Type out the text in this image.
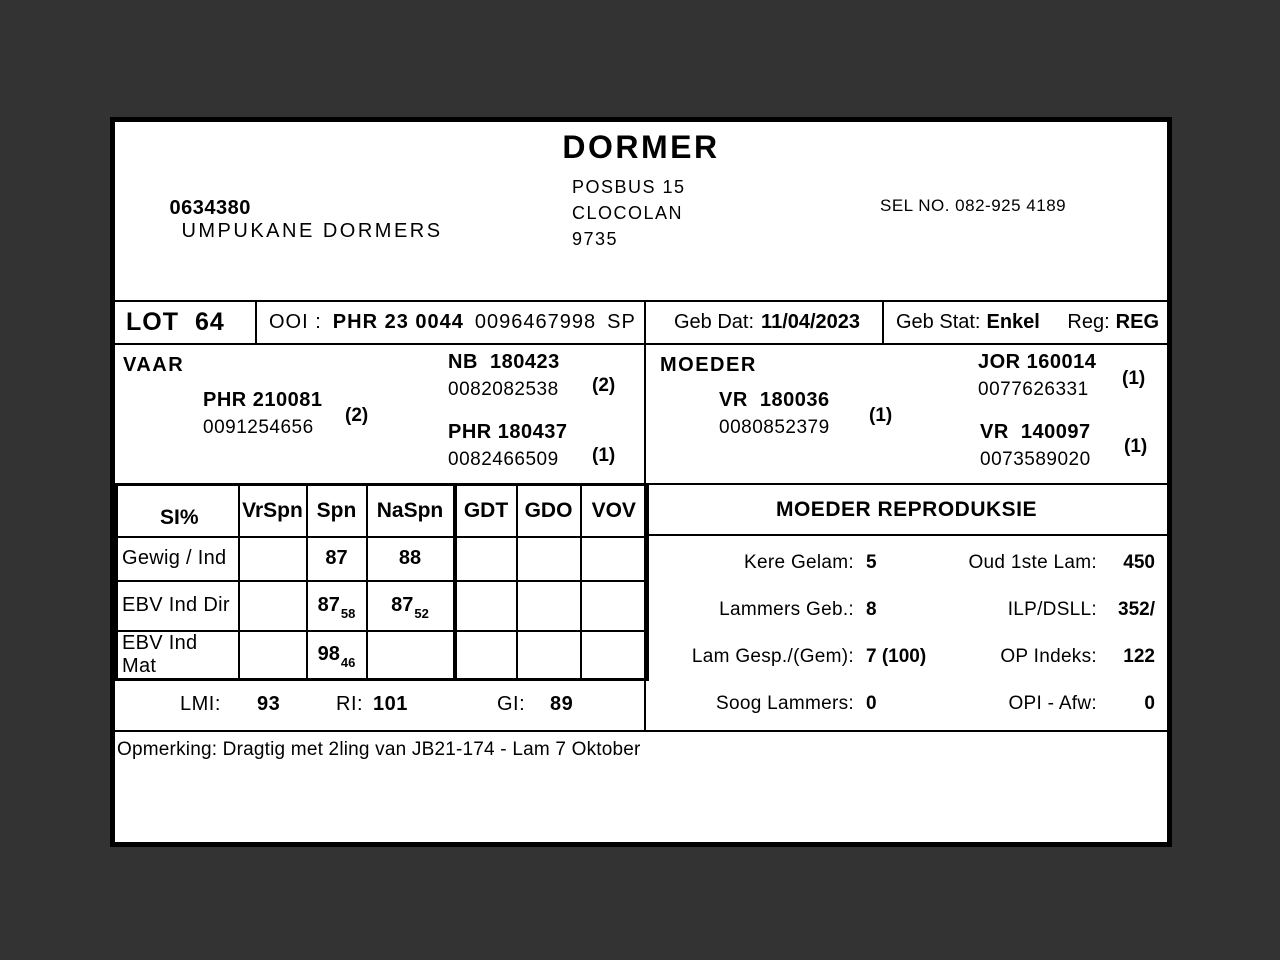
DORMER

0634380
UMPUKANE DORMERS

POSBUS 15
CLOCOLAN
9735
SEL NO. 082-925 4189
LOT 64 OOI : PHR 23 0044 0096467998 SP Geb Dat: 11/04/2023 Geb Stat: Enkel Reg: REG
VAAR	MOEDER
PHR 210081
0091254656
(2)
NB  180423
0082082538	(2)
PHR 180437
0082466509	(1)
VR  180036
0080852379
(1)
JOR 160014
0077626331
(1)
VR  140097
0073589020
(1)
SI%	VrSpn	Spn	NaSpn	GDT	GDO	VOV
Gewig / Ind		87	88			
EBV Ind Dir		$87_{58}$	$87_{52}$			
EBV Ind Mat		$98_{46}$				
LMI: 93	RI: 101	GI: 89
MOEDER REPRODUKSIE
Kere Gelam: 5	Oud 1ste Lam:	450
Lammers Geb.: 8	ILP/DSLL:	352/
Lam Gesp./(Gem): 7 (100)	OP Indeks:	122
Soog Lammers: 0	OPI - Afw:	0
Opmerking: Dragtig met 2ling van JB21-174 - Lam 7 Oktober
